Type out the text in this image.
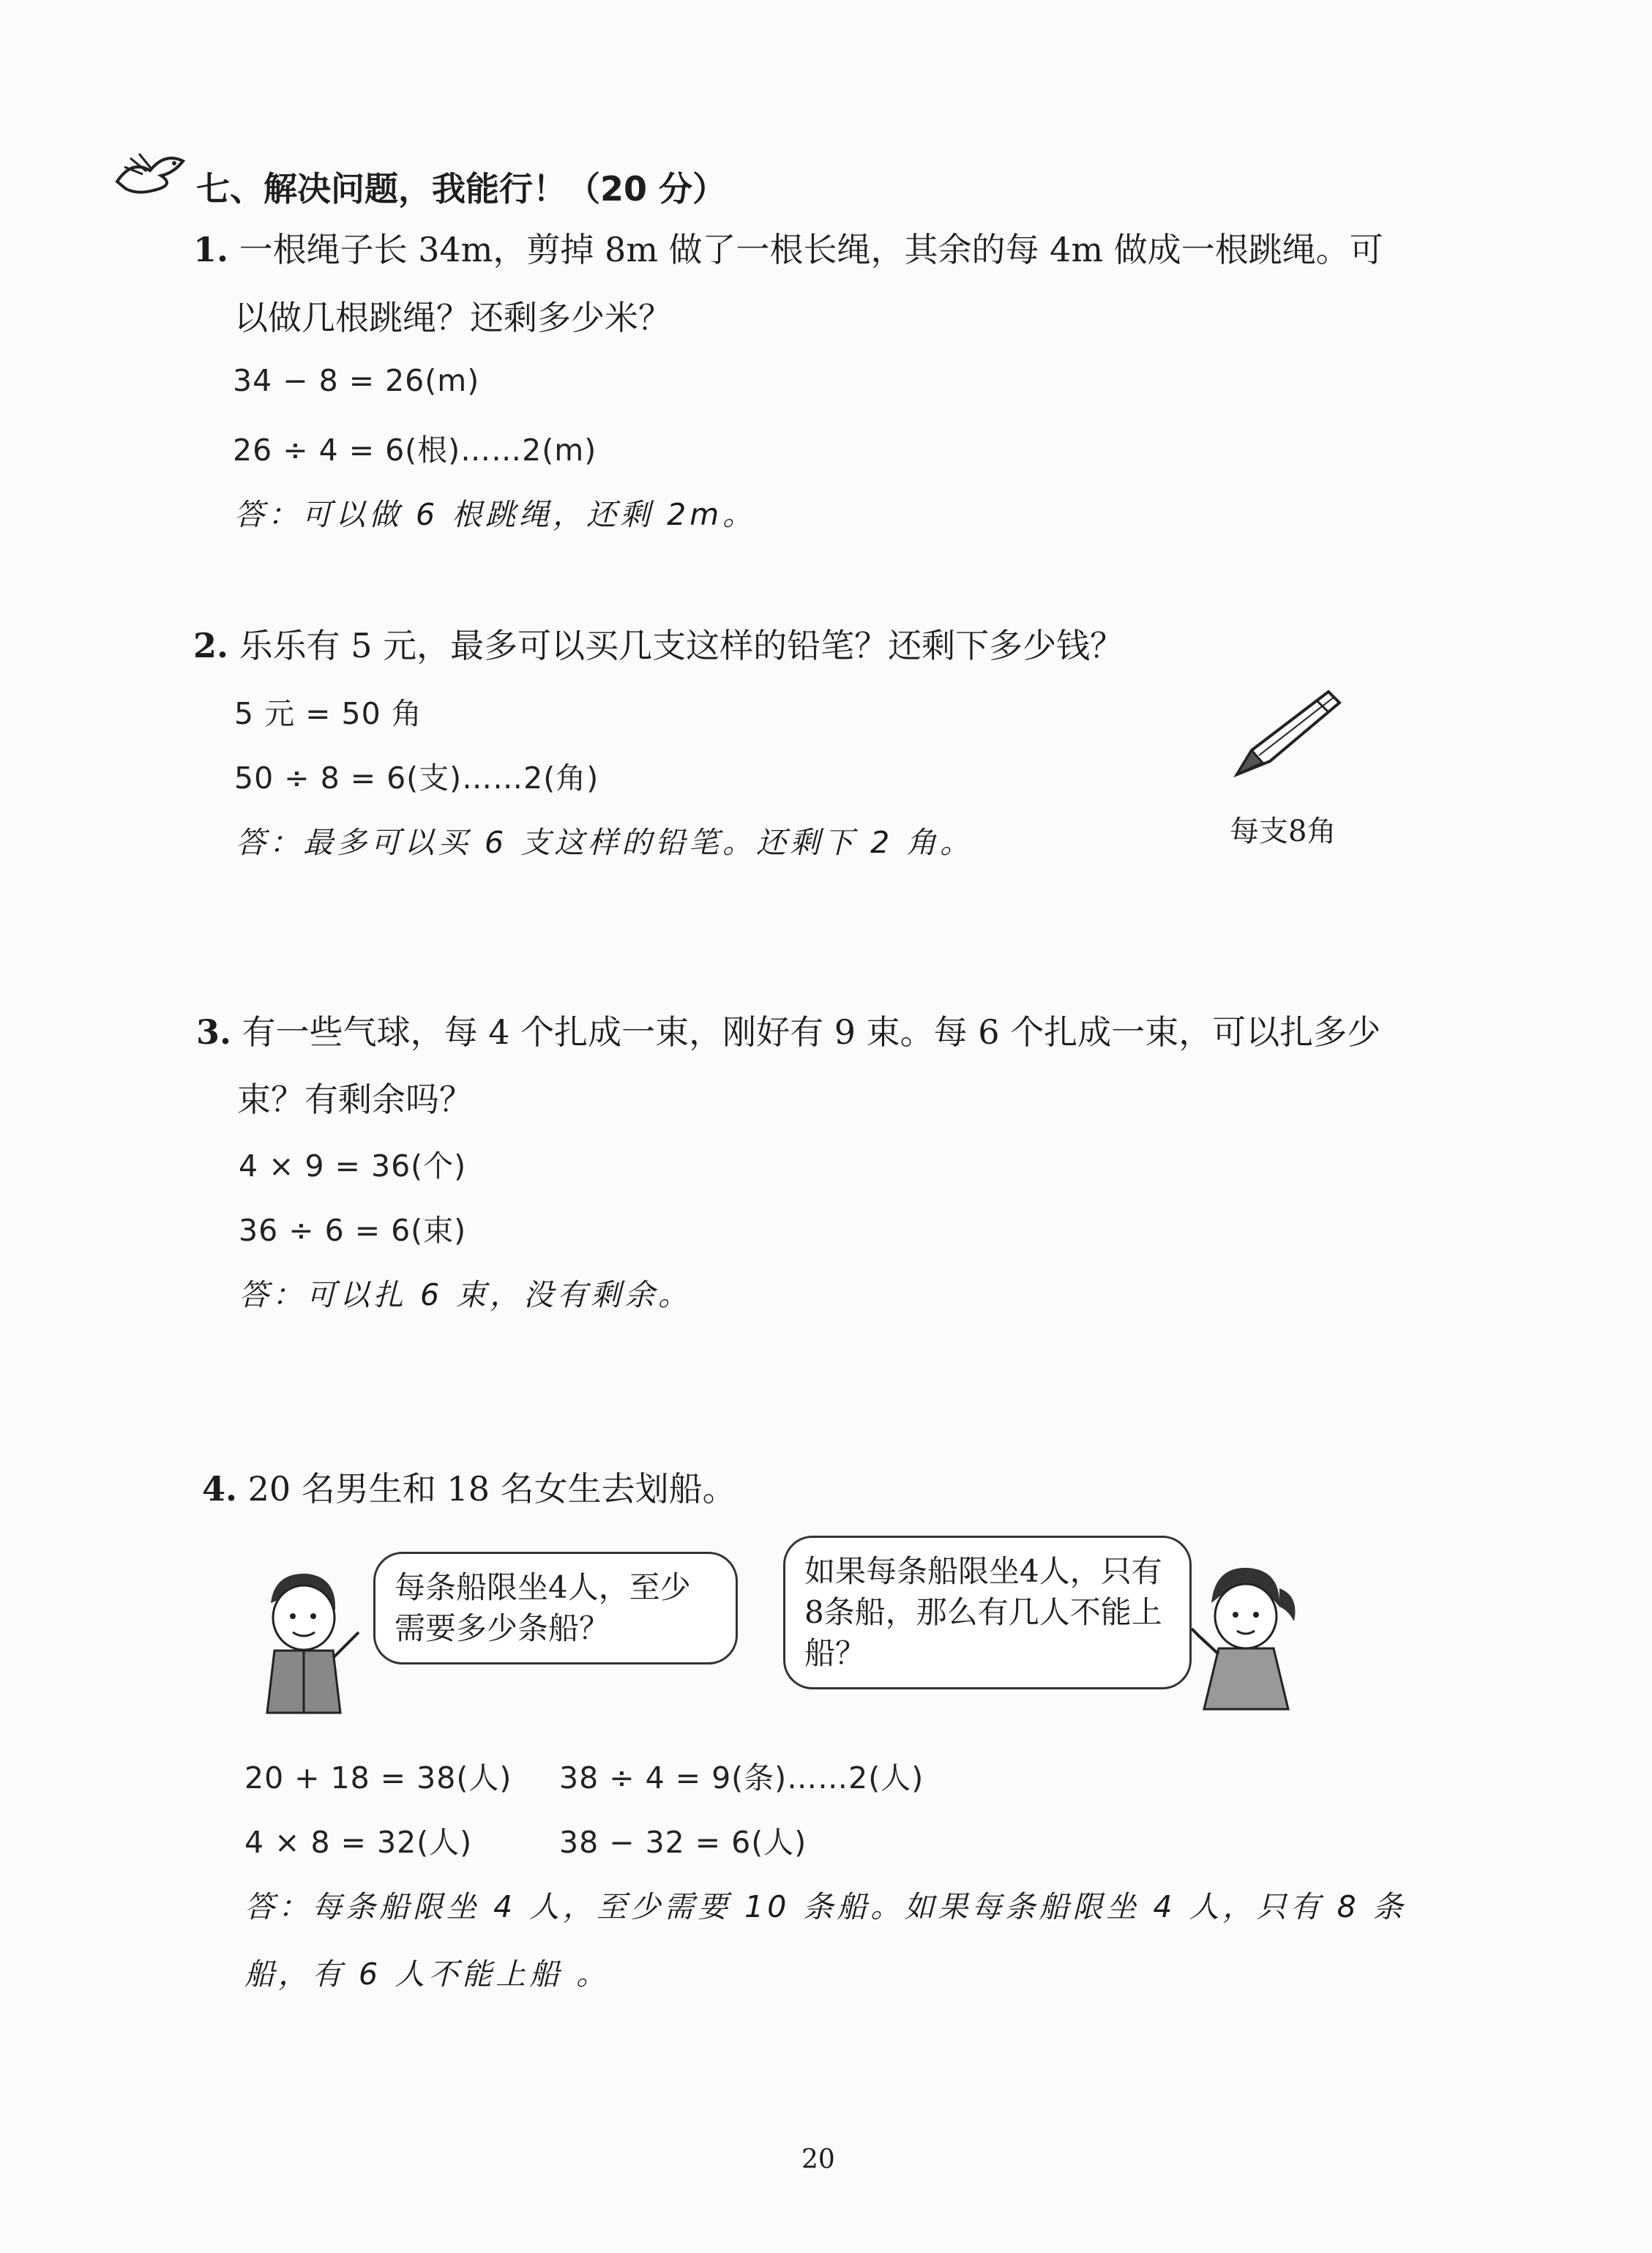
七、解决问题，我能行！（20 分）
1. 一根绳子长 34m，剪掉 8m 做了一根长绳，其余的每 4m 做成一根跳绳。可
以做几根跳绳？还剩多少米？
34 − 8 = 26(m)
26 ÷ 4 = 6(根)……2(m)
答：可以做 6 根跳绳，还剩 2m。
2. 乐乐有 5 元，最多可以买几支这样的铅笔？还剩下多少钱？
5 元 = 50 角
50 ÷ 8 = 6(支)……2(角)
答：最多可以买 6 支这样的铅笔。还剩下 2 角。	每支8角
3. 有一些气球，每 4 个扎成一束，刚好有 9 束。每 6 个扎成一束，可以扎多少
束？有剩余吗？
4 × 9 = 36(个)
36 ÷ 6 = 6(束)
答：可以扎 6 束，没有剩余。
4. 20 名男生和 18 名女生去划船。
每条船限坐4人，至少需要多少条船？
如果每条船限坐4人，只有8条船，那么有几人不能上船？
20 + 18 = 38(人) 38 ÷ 4 = 9(条)……2(人)
4 × 8 = 32(人)	38 − 32 = 6(人)
答：每条船限坐 4 人，至少需要 10 条船。如果每条船限坐 4 人，只有 8 条
船，有 6 人不能上船 。
20
